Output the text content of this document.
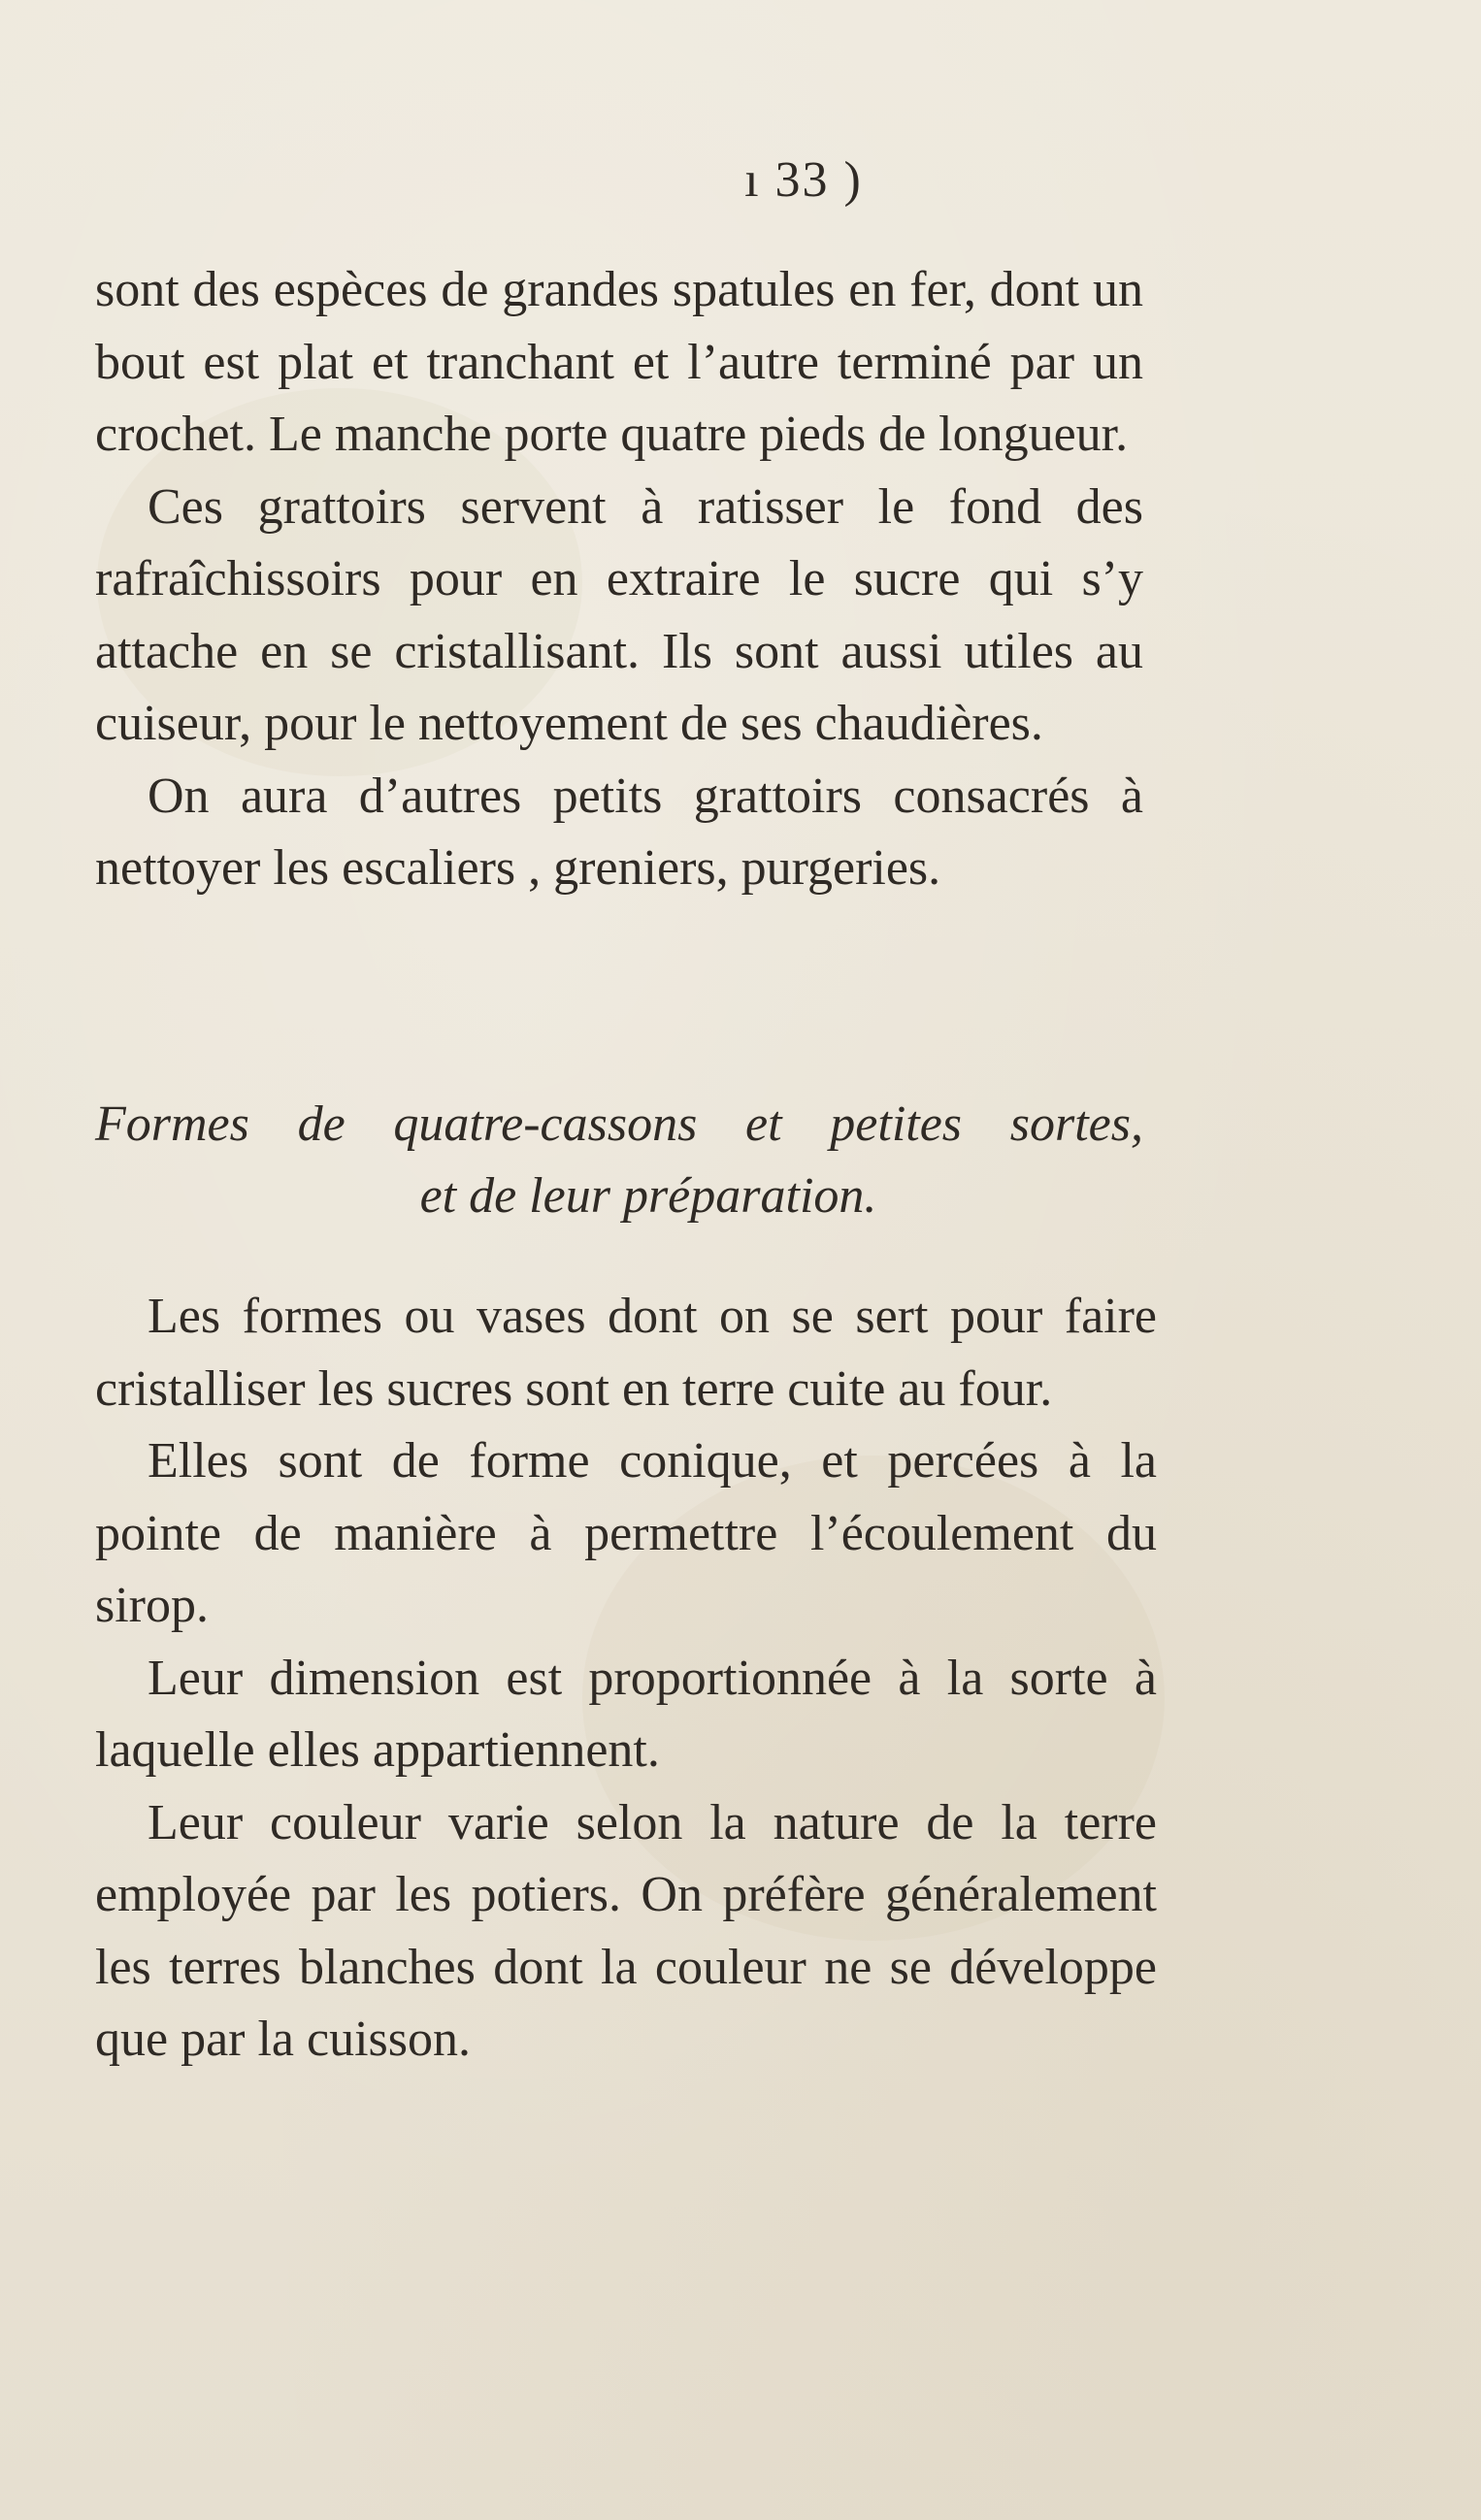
ı 33 )

sont des espèces de grandes spatules en fer, dont un bout est plat et tranchant et l’autre terminé par un crochet. Le manche porte quatre pieds de longueur.

Ces grattoirs servent à ratisser le fond des rafraîchissoirs pour en extraire le sucre qui s’y attache en se cristallisant. Ils sont aussi utiles au cuiseur, pour le nettoyement de ses chaudières.

On aura d’autres petits grattoirs consacrés à nettoyer les escaliers , greniers, purgeries.

Formes de quatre-cassons et petites sortes,
et de leur préparation.

Les formes ou vases dont on se sert pour faire cristalliser les sucres sont en terre cuite au four.

Elles sont de forme conique, et percées à la pointe de manière à permettre l’écoulement du sirop.

Leur dimension est proportionnée à la sorte à laquelle elles appartiennent.

Leur couleur varie selon la nature de la terre employée par les potiers. On préfère généralement les terres blanches dont la couleur ne se développe que par la cuisson.
